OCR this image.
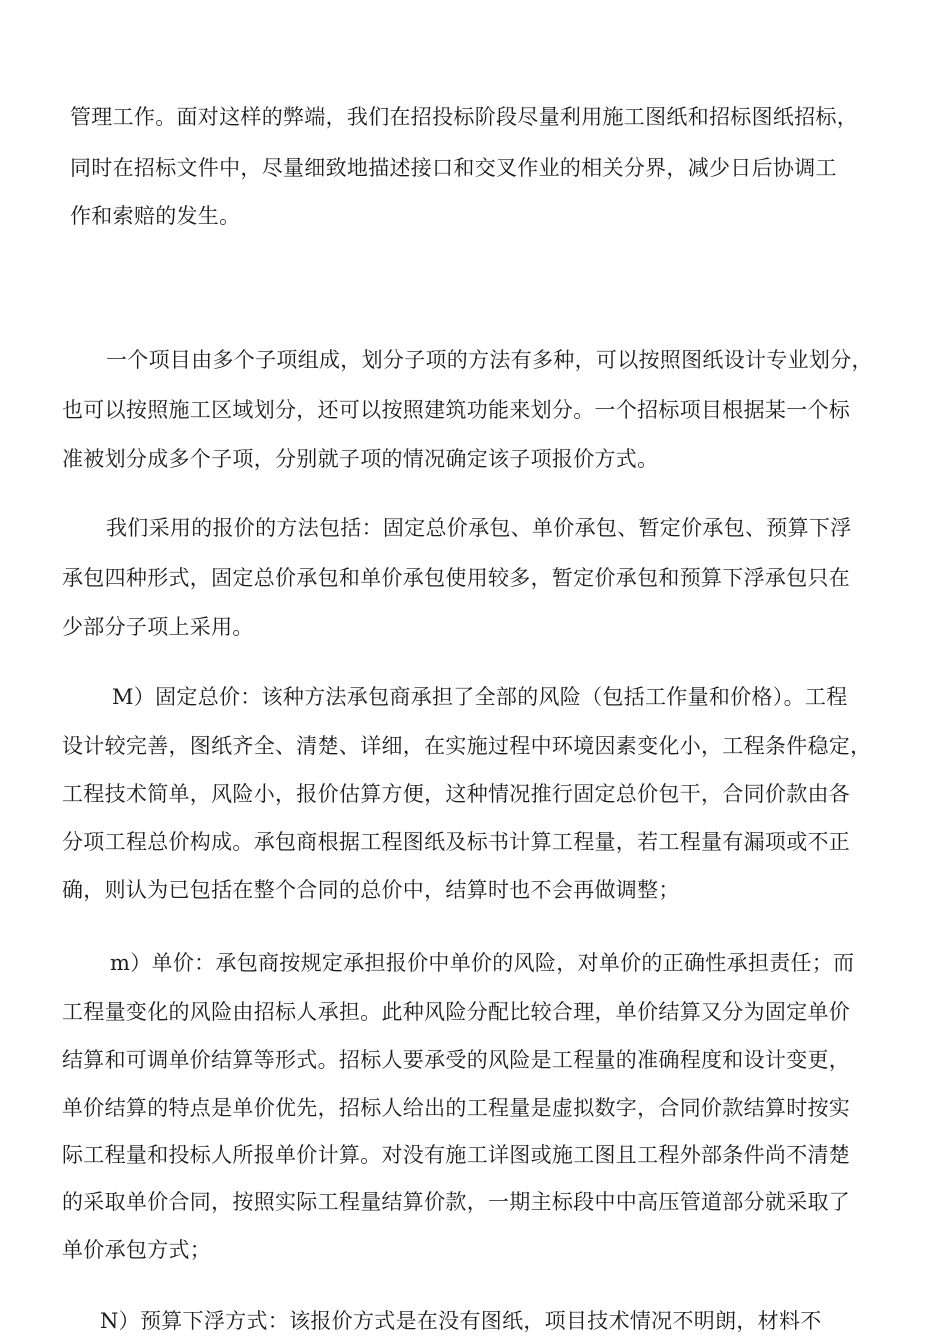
管理工作。面对这样的弊端，我们在招投标阶段尽量利用施工图纸和招标图纸招标，
同时在招标文件中，尽量细致地描述接口和交叉作业的相关分界，减少日后协调工
作和索赔的发生。
一个项目由多个子项组成，划分子项的方法有多种，可以按照图纸设计专业划分，
也可以按照施工区域划分，还可以按照建筑功能来划分。一个招标项目根据某一个标
准被划分成多个子项，分别就子项的情况确定该子项报价方式。
我们采用的报价的方法包括：固定总价承包、单价承包、暂定价承包、预算下浮
承包四种形式，固定总价承包和单价承包使用较多，暂定价承包和预算下浮承包只在
少部分子项上采用。
M）固定总价：该种方法承包商承担了全部的风险（包括工作量和价格）。工程
设计较完善，图纸齐全、清楚、详细，在实施过程中环境因素变化小，工程条件稳定，
工程技术简单，风险小，报价估算方便，这种情况推行固定总价包干，合同价款由各
分项工程总价构成。承包商根据工程图纸及标书计算工程量，若工程量有漏项或不正
确，则认为已包括在整个合同的总价中，结算时也不会再做调整；
m）单价：承包商按规定承担报价中单价的风险，对单价的正确性承担责任；而
工程量变化的风险由招标人承担。此种风险分配比较合理，单价结算又分为固定单价
结算和可调单价结算等形式。招标人要承受的风险是工程量的准确程度和设计变更，
单价结算的特点是单价优先，招标人给出的工程量是虚拟数字，合同价款结算时按实
际工程量和投标人所报单价计算。对没有施工详图或施工图且工程外部条件尚不清楚
的采取单价合同，按照实际工程量结算价款，一期主标段中中高压管道部分就采取了
单价承包方式；
N）预算下浮方式：该报价方式是在没有图纸，项目技术情况不明朗，材料不
